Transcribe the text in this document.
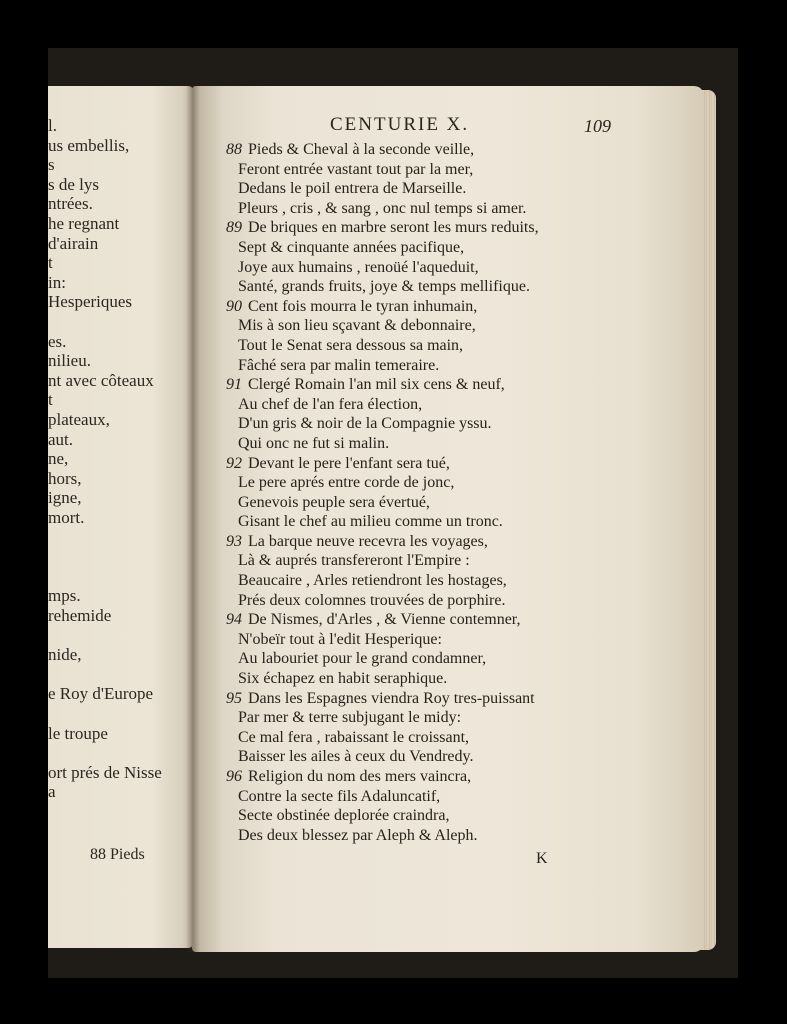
88 Pieds
l.
us embellis,
s
s de lys
ntrées.
he regnant
d'airain
t
in:
Hesperiques
es.
nilieu.
nt avec côteaux
t
plateaux,
aut.
ne,
hors,
igne,
mort.
mps.
rehemide
nide,
e Roy d'Europe
le troupe
ort prés de Nisse
a
CENTURIE X.	109
88 Pieds & Cheval à la seconde veille,
Feront entrée vastant tout par la mer,
Dedans le poil entrera de Marseille.
Pleurs , cris , & sang , onc nul temps si amer.
89 De briques en marbre seront les murs reduits,
Sept & cinquante années pacifique,
Joye aux humains , renoüé l'aqueduit,
Santé, grands fruits, joye & temps mellifique.
90 Cent fois mourra le tyran inhumain,
Mis à son lieu sçavant & debonnaire,
Tout le Senat sera dessous sa main,
Fâché sera par malin temeraire.
91 Clergé Romain l'an mil six cens & neuf,
Au chef de l'an fera élection,
D'un gris & noir de la Compagnie yssu.
Qui onc ne fut si malin.
92 Devant le pere l'enfant sera tué,
Le pere aprés entre corde de jonc,
Genevois peuple sera évertué,
Gisant le chef au milieu comme un tronc.
93 La barque neuve recevra les voyages,
Là & auprés transfereront l'Empire :
Beaucaire , Arles retiendront les hostages,
Prés deux colomnes trouvées de porphire.
94 De Nismes, d'Arles , & Vienne contemner,
N'obeïr tout à l'edit Hesperique:
Au labouriet pour le grand condamner,
Six échapez en habit seraphique.
95 Dans les Espagnes viendra Roy tres-puissant
Par mer & terre subjugant le midy:
Ce mal fera , rabaissant le croissant,
Baisser les ailes à ceux du Vendredy.
96 Religion du nom des mers vaincra,
Contre la secte fils Adaluncatif,
Secte obstinée deplorée craindra,
Des deux blessez par Aleph & Aleph.
K
